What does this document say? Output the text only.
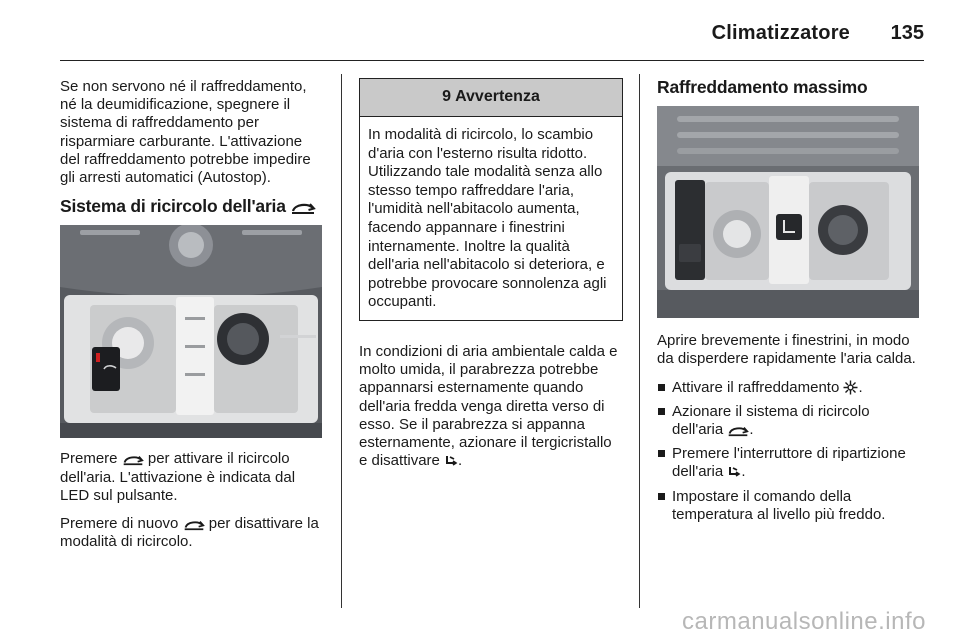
Climatizzatore 135

Se non servono né il raffreddamento, né la deumidificazione, spegnere il sistema di raffreddamento per risparmiare carburante. L'attivazione del raffreddamento potrebbe impedire gli arresti automatici (Autostop).

Sistema di ricircolo dell'aria

Premere per attivare il ricircolo dell'aria. L'attivazione è indicata dal LED sul pulsante.

Premere di nuovo per disattivare la modalità di ricircolo.

9 Avvertenza
In modalità di ricircolo, lo scambio d'aria con l'esterno risulta ridotto. Utilizzando tale modalità senza allo stesso tempo raffreddare l'aria, l'umidità nell'abitacolo aumenta, facendo appannare i finestrini internamente. Inoltre la qualità dell'aria nell'abitacolo si deteriora, e potrebbe provocare sonnolenza agli occupanti.

In condizioni di aria ambientale calda e molto umida, il parabrezza potrebbe appannarsi esternamente quando dell'aria fredda venga diretta verso di esso. Se il parabrezza si appanna esternamente, azionare il tergicristallo e disattivare .

Raffreddamento massimo

Aprire brevemente i finestrini, in modo da disperdere rapidamente l'aria calda.

Attivare il raffreddamento .
Azionare il sistema di ricircolo dell'aria .
Premere l'interruttore di ripartizione dell'aria .
Impostare il comando della temperatura al livello più freddo.
carmanualsonline.info
